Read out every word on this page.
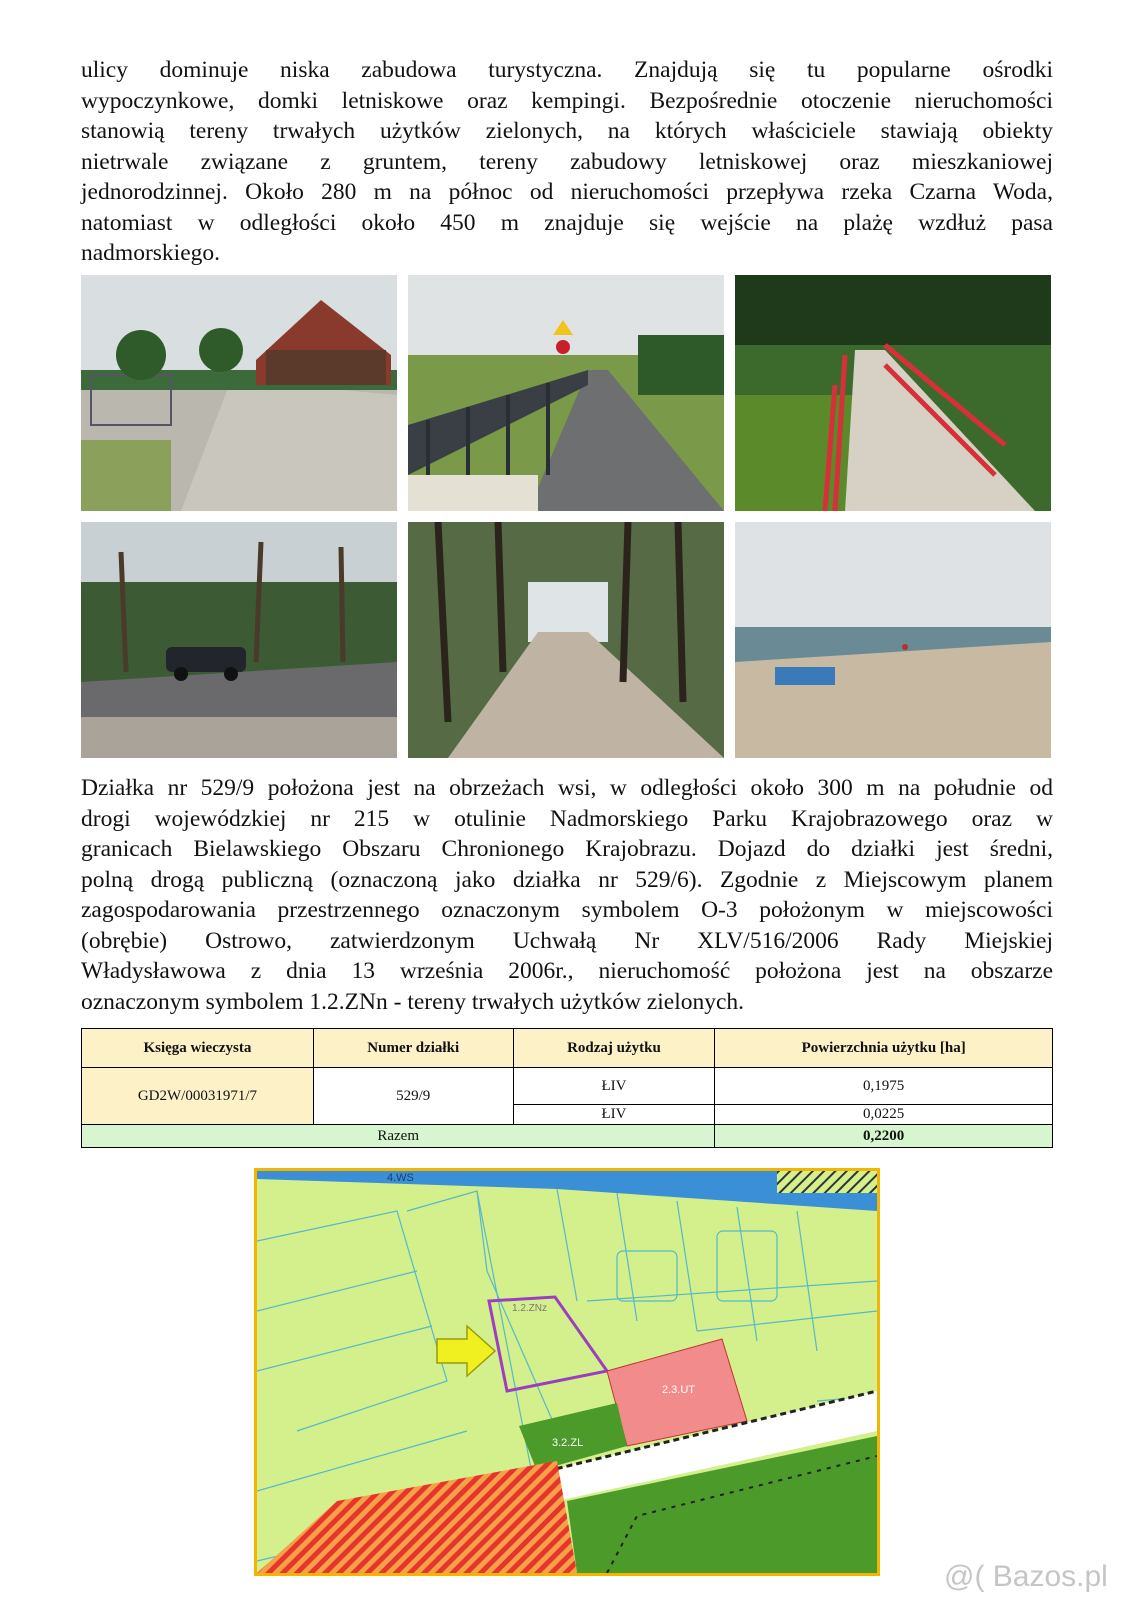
ulicy dominuje niska zabudowa turystyczna. Znajdują się tu popularne ośrodki
wypoczynkowe, domki letniskowe oraz kempingi. Bezpośrednie otoczenie nieruchomości
stanowią tereny trwałych użytków zielonych, na których właściciele stawiają obiekty
nietrwale związane z gruntem, tereny zabudowy letniskowej oraz mieszkaniowej
jednorodzinnej. Około 280 m na północ od nieruchomości przepływa rzeka Czarna Woda,
natomiast w odległości około 450 m znajduje się wejście na plażę wzdłuż pasa
nadmorskiego.
Działka nr 529/9 położona jest na obrzeżach wsi, w odległości około 300 m na południe od
drogi wojewódzkiej nr 215 w otulinie Nadmorskiego Parku Krajobrazowego oraz w
granicach Bielawskiego Obszaru Chronionego Krajobrazu. Dojazd do działki jest średni,
polną drogą publiczną (oznaczoną jako działka nr 529/6). Zgodnie z Miejscowym planem
zagospodarowania przestrzennego oznaczonym symbolem O-3 położonym w miejscowości
(obrębie) Ostrowo, zatwierdzonym Uchwałą Nr XLV/516/2006 Rady Miejskiej
Władysławowa z dnia 13 września 2006r., nieruchomość położona jest na obszarze
oznaczonym symbolem 1.2.ZNn - tereny trwałych użytków zielonych.
Księga wieczysta	Numer działki	Rodzaj użytku	Powierzchnia użytku [ha]
GD2W/00031971/7	529/9	ŁIV	0,1975
		ŁIV	0,0225
Razem			0,2200
4.WS
1.2.ZNz
2.3.UT
3.2.ZL
@( Bazos.pl
